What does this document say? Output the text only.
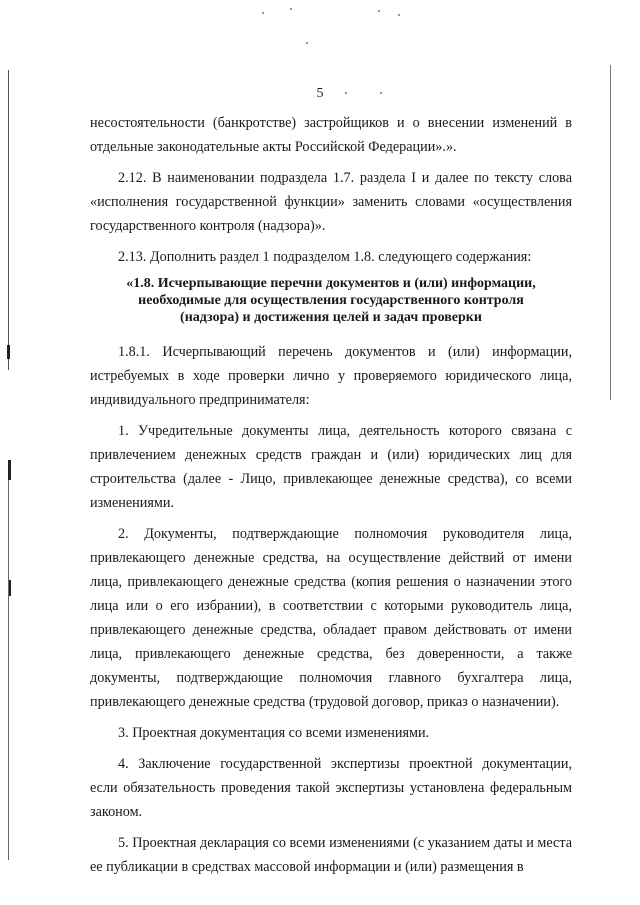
5

несостоятельности (банкротстве) застройщиков и о внесении изменений в отдельные законодательные акты Российской Федерации».».

2.12. В наименовании подраздела 1.7. раздела I и далее по тексту слова «исполнения государственной функции» заменить словами «осуществления государственного контроля (надзора)».

2.13. Дополнить раздел 1 подразделом 1.8. следующего содержания:

«1.8. Исчерпывающие перечни документов и (или) информации, необходимые для осуществления государственного контроля (надзора) и достижения целей и задач проверки

1.8.1. Исчерпывающий перечень документов и (или) информации, истребуемых в ходе проверки лично у проверяемого юридического лица, индивидуального предпринимателя:

1. Учредительные документы лица, деятельность которого связана с привлечением денежных средств граждан и (или) юридических лиц для строительства (далее - Лицо, привлекающее денежные средства), со всеми изменениями.

2. Документы, подтверждающие полномочия руководителя лица, привлекающего денежные средства, на осуществление действий от имени лица, привлекающего денежные средства (копия решения о назначении этого лица или о его избрании), в соответствии с которыми руководитель лица, привлекающего денежные средства, обладает правом действовать от имени лица, привлекающего денежные средства, без доверенности, а также документы, подтверждающие полномочия главного бухгалтера лица, привлекающего денежные средства (трудовой договор, приказ о назначении).

3. Проектная документация со всеми изменениями.

4. Заключение государственной экспертизы проектной документации, если обязательность проведения такой экспертизы установлена федеральным законом.

5. Проектная декларация со всеми изменениями (с указанием даты и места ее публикации в средствах массовой информации и (или) размещения в
